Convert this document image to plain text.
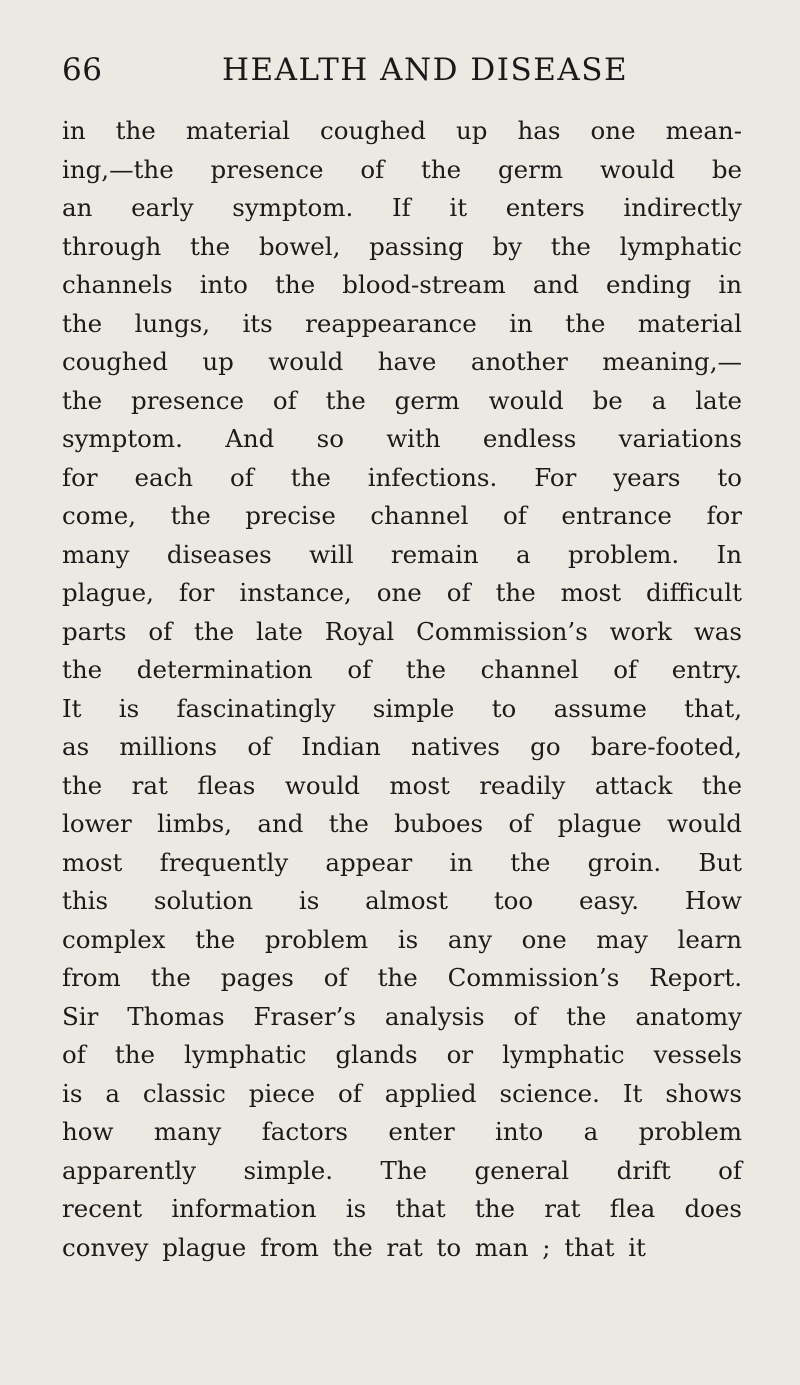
66	HEALTH AND DISEASE
in the material coughed up has one mean-
ing,—the presence of the germ would be
an early symptom. If it enters indirectly
through the bowel, passing by the lymphatic
channels into the blood-stream and ending in
the lungs, its reappearance in the material
coughed up would have another meaning,—
the presence of the germ would be a late
symptom. And so with endless variations
for each of the infections. For years to
come, the precise channel of entrance for
many diseases will remain a problem. In
plague, for instance, one of the most difficult
parts of the late Royal Commission’s work was
the determination of the channel of entry.
It is fascinatingly simple to assume that,
as millions of Indian natives go bare-footed,
the rat fleas would most readily attack the
lower limbs, and the buboes of plague would
most frequently appear in the groin. But
this solution is almost too easy. How
complex the problem is any one may learn
from the pages of the Commission’s Report.
Sir Thomas Fraser’s analysis of the anatomy
of the lymphatic glands or lymphatic vessels
is a classic piece of applied science. It shows
how many factors enter into a problem
apparently simple. The general drift of
recent information is that the rat flea does
convey plague from the rat to man ; that it
